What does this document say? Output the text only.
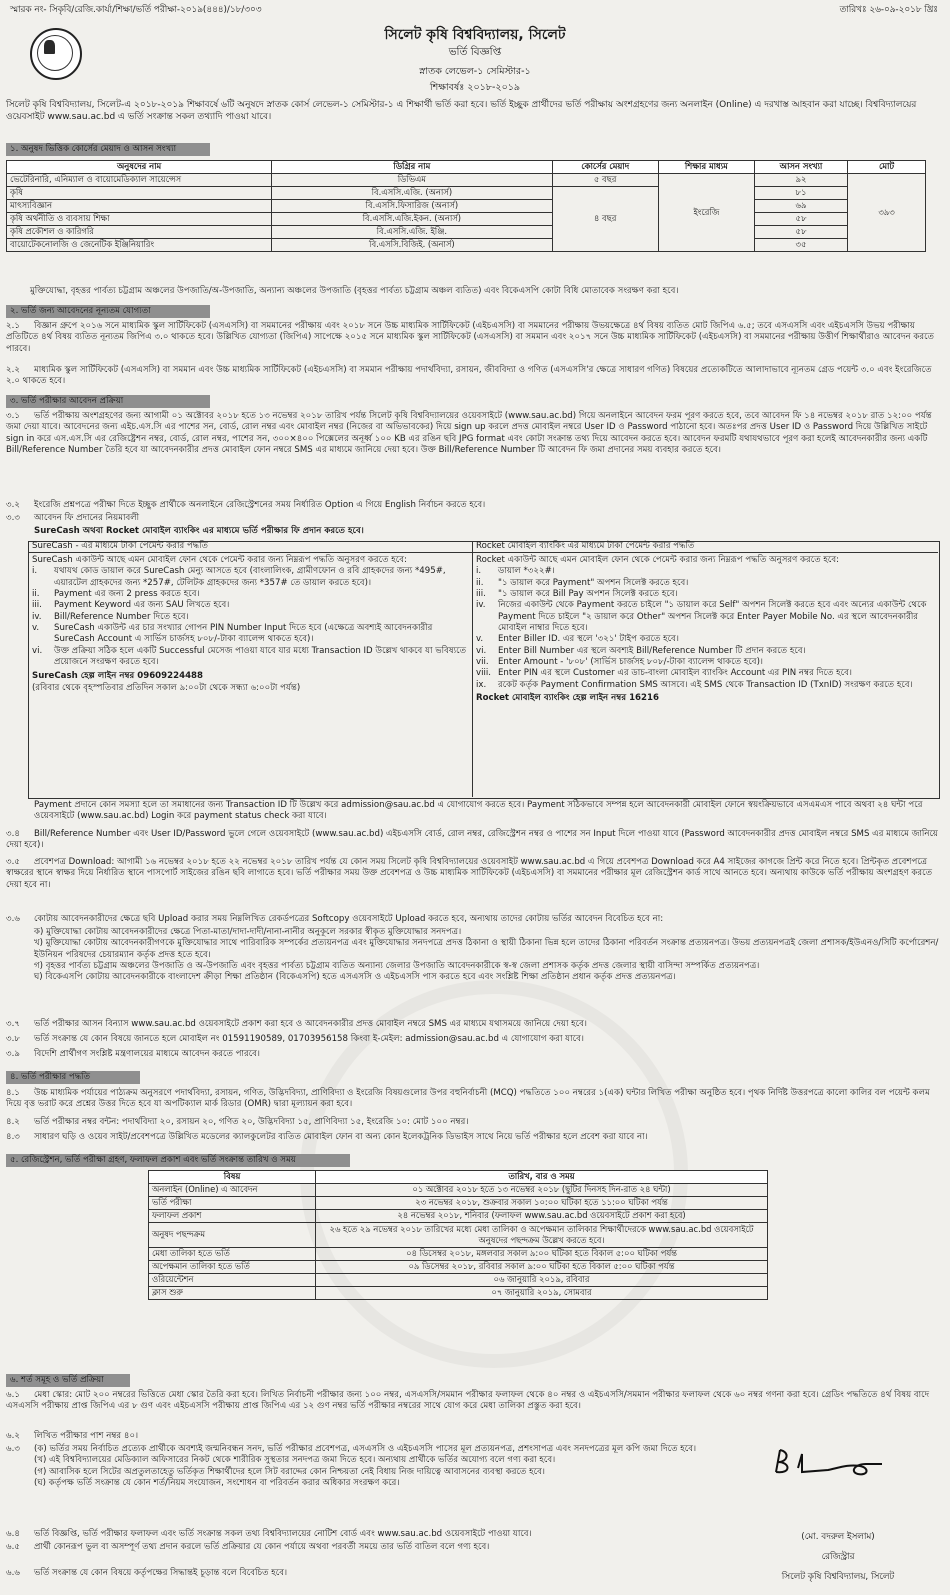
স্মারক নং- সিকৃবি/রেজি.কার্যা/শিক্ষা/ভর্তি পরীক্ষা-২০১৯(৪৪৪)/১৮/৩০৩	তারিখঃ ২৬-০৯-২০১৮ খ্রিঃ
সিলেট কৃষি বিশ্ববিদ্যালয়, সিলেট
ভর্তি বিজ্ঞপ্তি
স্নাতক লেভেল-১ সেমিস্টার-১
শিক্ষাবর্ষঃ ২০১৮-২০১৯
সিলেট কৃষি বিশ্ববিদ্যালয়, সিলেট-এ ২০১৮-২০১৯ শিক্ষাবর্ষে ৬টি অনুষদে স্নাতক কোর্স লেভেল-১ সেমিস্টার-১ এ শিক্ষার্থী ভর্তি করা হবে। ভর্তি ইচ্ছুক প্রার্থীদের ভর্তি পরীক্ষায় অংশগ্রহণের জন্য অনলাইন (Online) এ দরখাস্ত আহবান করা যাচ্ছে। বিশ্ববিদ্যালয়ের ওয়েবসাইট www.sau.ac.bd এ ভর্তি সংক্রান্ত সকল তথ্যাদি পাওয়া যাবে।
১. অনুষদ ভিত্তিক কোর্সের মেয়াদ ও আসন সংখ্যা
অনুষদের নাম	ডিগ্রির নাম	কোর্সের মেয়াদ	শিক্ষার মাধ্যম	আসন সংখ্যা	মোট
ভেটেরিনারি, এনিম্যাল ও বায়োমেডিক্যাল সায়েন্সেস	ডিভিএম	৫ বছর	ইংরেজি	৯২	৩৯৩
কৃষি	বি.এসসি.এজি. (অনার্স)	৪ বছর		৮১	
মাৎস্যবিজ্ঞান	বি.এসসি.ফিসারিজ (অনার্স)			৬৯	
কৃষি অর্থনীতি ও ব্যবসায় শিক্ষা	বি.এসসি.এজি.ইকন. (অনার্স)			৫৮	
কৃষি প্রকৌশল ও কারিগরি	বি.এসসি.এজি. ইঞ্জি.			৫৮	
বায়োটেকনোলজি ও জেনেটিক ইঞ্জিনিয়ারিং	বি.এসসি.বিজিই. (অনার্স)			৩৫	
মুক্তিযোদ্ধা, বৃহত্তর পার্বত্য চট্টগ্রাম অঞ্চলের উপজাতি/অ-উপজাতি, অন্যান্য অঞ্চলের উপজাতি (বৃহত্তর পার্বত্য চট্টগ্রাম অঞ্চল ব্যতিত) এবং বিকেএসপি কোটা বিধি মোতাবেক সংরক্ষণ করা হবে।
২. ভর্তি জন্য আবেদনের নূন্যতম যোগ্যতা
২.১ বিজ্ঞান গ্রুপে ২০১৬ সনে মাধ্যমিক স্কুল সার্টিফিকেট (এসএসসি) বা সমমানের পরীক্ষায় এবং ২০১৮ সনে উচ্চ মাধ্যমিক সার্টিফিকেট (এইচএসসি) বা সমমানের পরীক্ষায় উভয়ক্ষেত্রে ৪র্থ বিষয় ব্যতিত মোট জিপিএ ৬.৫; তবে এসএসসি এবং এইচএসসি উভয় পরীক্ষায় প্রতিটিতে ৪র্থ বিষয় ব্যতিত নূন্যতম জিপিএ ৩.০ থাকতে হবে। উল্লিখিত যোগ্যতা (জিপিএ) সাপেক্ষে ২০১৫ সনে মাধ্যমিক স্কুল সার্টিফিকেট (এসএসসি) বা সমমান এবং ২০১৭ সনে উচ্চ মাধ্যমিক সার্টিফিকেট (এইচএসসি) বা সমমানের পরীক্ষায় উত্তীর্ণ শিক্ষার্থীরাও আবেদন করতে পারবে।
২.২ মাধ্যমিক স্কুল সার্টিফিকেট (এসএসসি) বা সমমান এবং উচ্চ মাধ্যমিক সার্টিফিকেট (এইচএসসি) বা সমমান পরীক্ষায় পদার্থবিদ্যা, রসায়ন, জীববিদ্যা ও গণিত (এসএসসি'র ক্ষেত্রে সাধারণ গণিত) বিষয়ের প্রত্যেকটিতে আলাদাভাবে ন্যূনতম গ্রেড পয়েন্ট ৩.০ এবং ইংরেজিতে ২.০ থাকতে হবে।
৩. ভর্তি পরীক্ষার আবেদন প্রক্রিয়া
৩.১ ভর্তি পরীক্ষায় অংশগ্রহণের জন্য আগামী ০১ অক্টোবর ২০১৮ হতে ১৩ নভেম্বর ২০১৮ তারিখ পর্যন্ত সিলেট কৃষি বিশ্ববিদ্যালয়ের ওয়েবসাইটে (www.sau.ac.bd) গিয়ে অনলাইনে আবেদন ফরম পূরণ করতে হবে, তবে আবেদন ফি ১৪ নভেম্বর ২০১৮ রাত ১২:০০ পর্যন্ত জমা দেয়া যাবে। আবেদনের জন্য এইচ.এস.সি এর পাশের সন, বোর্ড, রোল নম্বর এবং মোবাইল নম্বর (নিজের বা অভিভাবকের) দিয়ে sign up করলে প্রদত্ত মোবাইল নম্বরে User ID ও Password পাঠানো হবে। অতঃপর প্রদত্ত User ID ও Password দিয়ে উল্লিখিত সাইটে sign in করে এস.এস.সি এর রেজিষ্ট্রেশন নম্বর, বোর্ড, রোল নম্বর, পাশের সন, ৩০০×৪০০ পিক্সেলের অনূর্ধ্ব ১০০ KB এর রঙিন ছবি JPG format এবং কোটা সংক্রান্ত তথ্য দিয়ে আবেদন করতে হবে। আবেদন ফরমটি যথাযথভাবে পূরণ করা হলেই আবেদনকারীর জন্য একটি Bill/Reference Number তৈরি হবে যা আবেদনকারীর প্রদত্ত মোবাইল ফোন নম্বরে SMS এর মাধ্যমে জানিয়ে দেয়া হবে। উক্ত Bill/Reference Number টি আবেদন ফি জমা প্রদানের সময় ব্যবহার করতে হবে।
৩.২ ইংরেজি প্রশ্নপত্রে পরীক্ষা দিতে ইচ্ছুক প্রার্থীকে অনলাইনে রেজিস্ট্রেশনের সময় নির্ধারিত Option এ গিয়ে English নির্বাচন করতে হবে।
৩.৩ আবেদন ফি প্রদানের নিয়মাবলী
SureCash অথবা Rocket মোবাইল ব্যাংকিং এর মাধ্যমে ভর্তি পরীক্ষার ফি প্রদান করতে হবে।
SureCash - এর মাধ্যমে টাকা পেমেন্ট করার পদ্ধতি
SureCash একাউন্ট আছে এমন মোবাইল ফোন থেকে পেমেন্ট করার জন্য নিম্নরূপ পদ্ধতি অনুসরণ করতে হবে:
i.	যথাযথ কোড ডায়াল করে SureCash মেন্যু আসতে হবে (বাংলালিংক, গ্রামীণফোন ও রবি গ্রাহকদের জন্য *495#, এয়ারটেল গ্রাহকদের জন্য *257#, টেলিটক গ্রাহকদের জন্য *357# তে ডায়াল করতে হবে)।
ii.	Payment এর জন্য 2 press করতে হবে।
iii.	Payment Keyword এর জন্য SAU লিখতে হবে।
iv.	Bill/Reference Number দিতে হবে।
v.	SureCash একাউন্ট এর চার সংখ্যার গোপন PIN Number Input দিতে হবে (এক্ষেত্রে অবশ্যই আবেদনকারীর SureCash Account এ সার্ভিস চার্জসহ ৮০৮/-টাকা ব্যালেন্স থাকতে হবে)।
vi.	উক্ত প্রক্রিয়া সঠিক হলে একটি Successful মেসেজ পাওয়া যাবে যার মধ্যে Transaction ID উল্লেখ থাকবে যা ভবিষ্যতে প্রয়োজনে সংরক্ষণ করতে হবে।
SureCash হেল্প লাইন নম্বর 09609224488
(রবিবার থেকে বৃহস্পতিবার প্রতিদিন সকাল ৯:০০টা থেকে সন্ধ্যা ৬:০০টা পর্যন্ত)
Rocket মোবাইল ব্যাংকিং এর মাধ্যমে টাকা পেমেন্ট করার পদ্ধতি
Rocket একাউন্ট আছে এমন মোবাইল ফোন থেকে পেমেন্ট করার জন্য নিম্নরূপ পদ্ধতি অনুসরণ করতে হবে:
i.	ডায়াল *৩২২#।
ii.	"১ ডায়াল করে Payment" অপশন সিলেক্ট করতে হবে।
iii.	"১ ডায়াল করে Bill Pay অপশন সিলেক্ট করতে হবে।
iv.	নিজের একাউন্ট থেকে Payment করতে চাইলে "১ ডায়াল করে Self" অপশন সিলেক্ট করতে হবে এবং অন্যের একাউন্ট থেকে Payment দিতে চাইলে "২ ডায়াল করে Other" অপশন সিলেক্ট করে Enter Payer Mobile No. এর স্থলে আবেদনকারীর মোবাইল নাম্বার দিতে হবে।
v.	Enter Biller ID. এর স্থলে '৩২১' টাইপ করতে হবে।
vi.	Enter Bill Number এর স্থলে অবশ্যই Bill/Reference Number টি প্রদান করতে হবে।
vii.	Enter Amount - '৮০৮' (সার্ভিস চার্জসহ ৮০৮/-টাকা ব্যালেন্স থাকতে হবে)।
viii. Enter PIN এর স্থলে Customer এর ডাচ-বাংলা মোবাইল ব্যাংকিং Account এর PIN নম্বর দিতে হবে।
ix.	রকেট কর্তৃক Payment Confirmation SMS আসবে। এই SMS থেকে Transaction ID (TxnID) সংরক্ষণ করতে হবে।
Rocket মোবাইল ব্যাংকিং হেল্প লাইন নম্বর 16216
Payment প্রদানে কোন সমস্যা হলে তা সমাধানের জন্য Transaction ID টি উল্লেখ করে admission@sau.ac.bd এ যোগাযোগ করতে হবে। Payment সঠিকভাবে সম্পন্ন হলে আবেদনকারী মোবাইল ফোনে স্বয়ংক্রিয়ভাবে এসএমএস পাবে অথবা ২৪ ঘন্টা পরে ওয়েবসাইটে (www.sau.ac.bd) Login করে payment status check করা যাবে।
৩.৪ Bill/Reference Number এবং User ID/Password ভুলে গেলে ওয়েবসাইটে (www.sau.ac.bd) এইচএসসি বোর্ড, রোল নম্বর, রেজিস্ট্রেশন নম্বর ও পাশের সন Input দিলে পাওয়া যাবে (Password আবেদনকারীর প্রদত্ত মোবাইল নম্বরে SMS এর মাধ্যমে জানিয়ে দেয়া হবে)।
৩.৫ প্রবেশপত্র Download: আগামী ১৬ নভেম্বর ২০১৮ হতে ২২ নভেম্বর ২০১৮ তারিখ পর্যন্ত যে কোন সময় সিলেট কৃষি বিশ্ববিদ্যালয়ের ওয়েবসাইট www.sau.ac.bd এ গিয়ে প্রবেশপত্র Download করে A4 সাইজের কাগজে প্রিন্ট করে নিতে হবে। প্রিন্টকৃত প্রবেশপত্রে স্বাক্ষরের স্থানে স্বাক্ষর দিয়ে নির্ধারিত স্থানে পাসপোর্ট সাইজের রঙিন ছবি লাগাতে হবে। ভর্তি পরীক্ষার সময় উক্ত প্রবেশপত্র ও উচ্চ মাধ্যমিক সার্টিফিকেট (এইচএসসি) বা সমমানের পরীক্ষার মূল রেজিস্ট্রেশন কার্ড সাথে আনতে হবে। অন্যথায় কাউকে ভর্তি পরীক্ষায় অংশগ্রহণ করতে দেয়া হবে না।
৩.৬ কোটায় আবেদনকারীদের ক্ষেত্রে ছবি Upload করার সময় নিম্নলিখিত রেকর্ডপত্রের Softcopy ওয়েবসাইটে Upload করতে হবে, অন্যথায় তাদের কোটায় ভর্তির আবেদন বিবেচিত হবে না:
ক) মুক্তিযোদ্ধা কোটায় আবেদনকারীদের ক্ষেত্রে পিতা-মাতা/দাদা-দাদী/নানা-নানীর অনুকূলে সরকার স্বীকৃত মুক্তিযোদ্ধার সনদপত্র।
খ) মুক্তিযোদ্ধা কোটায় আবেদনকারীগণকে মুক্তিযোদ্ধার সাথে পারিবারিক সম্পর্কের প্রত্যয়নপত্র এবং মুক্তিযোদ্ধার সনদপত্রে প্রদত্ত ঠিকানা ও স্থায়ী ঠিকানা ভিন্ন হলে তাদের ঠিকানা পরিবর্তন সংক্রান্ত প্রত্যয়নপত্র। উভয় প্রত্যয়নপত্রই জেলা প্রশাসক/ইউএনও/সিটি কর্পোরেশন/ইউনিয়ন পরিষদের চেয়ারম্যান কর্তৃক প্রদত্ত হতে হবে।
গ) বৃহত্তর পার্বত্য চট্টগ্রাম অঞ্চলের উপজাতি ও অ-উপজাতি এবং বৃহত্তর পার্বত্য চট্টগ্রাম ব্যতিত অন্যান্য জেলার উপজাতি আবেদনকারীকে স্ব-স্ব জেলা প্রশাসক কর্তৃক প্রদত্ত জেলার স্থায়ী বাসিন্দা সম্পর্কিত প্রত্যয়নপত্র।
ঘ) বিকেএসপি কোটায় আবেদনকারীকে বাংলাদেশ ক্রীড়া শিক্ষা প্রতিষ্ঠান (বিকেএসপি) হতে এসএসসি ও এইচএসসি পাস করতে হবে এবং সংশ্লিষ্ট শিক্ষা প্রতিষ্ঠান প্রধান কর্তৃক প্রদত্ত প্রত্যয়নপত্র।
৩.৭ ভর্তি পরীক্ষার আসন বিন্যাস www.sau.ac.bd ওয়েবসাইটে প্রকাশ করা হবে ও আবেদনকারীর প্রদত্ত মোবাইল নম্বরে SMS এর মাধ্যমে যথাসময়ে জানিয়ে দেয়া হবে।
৩.৮ ভর্তি সংক্রান্ত যে কোন বিষয়ে জানতে হলে মোবাইল নং 01591190589, 01703956158 কিংবা ই-মেইল: admission@sau.ac.bd এ যোগাযোগ করা যাবে।
৩.৯ বিদেশি প্রার্থীগণ সংশ্লিষ্ট মন্ত্রণালয়ের মাধ্যমে আবেদন করতে পারবে।
৪. ভর্তি পরীক্ষার পদ্ধতি
৪.১ উচ্চ মাধ্যমিক পর্যায়ের পাঠ্যক্রম অনুসরণে পদার্থবিদ্যা, রসায়ন, গণিত, উদ্ভিদবিদ্যা, প্রাণিবিদ্যা ও ইংরেজি বিষয়গুলোর উপর বহুনির্বাচনী (MCQ) পদ্ধতিতে ১০০ নম্বরের ১(এক) ঘন্টার লিখিত পরীক্ষা অনুষ্ঠিত হবে। পৃথক নির্দিষ্ট উত্তরপত্রে কালো কালির বল পয়েন্ট কলম দিয়ে বৃত্ত ভরাট করে প্রশ্নের উত্তর দিতে হবে যা অপটিক্যাল মার্ক রিডার (OMR) দ্বারা মূল্যায়ন করা হবে।
৪.২ ভর্তি পরীক্ষার নম্বর বন্টন: পদার্থবিদ্যা ২০, রসায়ন ২০, গণিত ২০, উদ্ভিদবিদ্যা ১৫, প্রাণিবিদ্যা ১৫, ইংরেজি ১০: মোট ১০০ নম্বর।
৪.৩ সাধারণ ঘড়ি ও ওয়েব সাইট/প্রবেশপত্রে উল্লিখিত মডেলের ক্যালকুলেটর ব্যতিত মোবাইল ফোন বা অন্য কোন ইলেকট্রনিক ডিভাইস সাথে নিয়ে ভর্তি পরীক্ষার হলে প্রবেশ করা যাবে না।
৫. রেজিস্ট্রেশন, ভর্তি পরীক্ষা গ্রহণ, ফলাফল প্রকাশ এবং ভর্তি সংক্রান্ত তারিখ ও সময়
বিষয়	তারিখ, বার ও সময়
অনলাইন (Online) এ আবেদন	০১ অক্টোবর ২০১৮ হতে ১৩ নভেম্বর ২০১৮ (ছুটির দিনসহ দিন-রাত ২৪ ঘন্টা)
ভর্তি পরীক্ষা	২৩ নভেম্বর ২০১৮, শুক্রবার সকাল ১০:০০ ঘটিকা হতে ১১:০০ ঘটিকা পর্যন্ত
ফলাফল প্রকাশ	২৪ নভেম্বর ২০১৮, শনিবার (ফলাফল www.sau.ac.bd ওয়েবসাইটে প্রকাশ করা হবে)
অনুষদ পছন্দক্রম	২৬ হতে ২৯ নভেম্বর ২০১৮ তারিখের মধ্যে মেধা তালিকা ও অপেক্ষমান তালিকার শিক্ষার্থীদেরকে www.sau.ac.bd ওয়েবসাইটে অনুষদের পছন্দক্রম উল্লেখ করতে হবে।
মেধা তালিকা হতে ভর্তি	০৪ ডিসেম্বর ২০১৮, মঙ্গলবার সকাল ৯:০০ ঘটিকা হতে বিকাল ৫:০০ ঘটিকা পর্যন্ত
অপেক্ষমান তালিকা হতে ভর্তি	০৯ ডিসেম্বর ২০১৮, রবিবার সকাল ৯:০০ ঘটিকা হতে বিকাল ৫:০০ ঘটিকা পর্যন্ত
ওরিয়েন্টেশন	০৬ জানুয়ারি ২০১৯, রবিবার
ক্লাস শুরু	০৭ জানুয়ারি ২০১৯, সোমবার
৬. শর্ত সমূহ ও ভর্তি প্রক্রিয়া
৬.১ মেধা স্কোর: মোট ২০০ নম্বরের ভিত্তিতে মেধা স্কোর তৈরি করা হবে। লিখিত নির্বাচনী পরীক্ষার জন্য ১০০ নম্বর, এসএসসি/সমমান পরীক্ষার ফলাফল থেকে ৪০ নম্বর ও এইচএসসি/সমমান পরীক্ষার ফলাফল থেকে ৬০ নম্বর গণনা করা হবে। গ্রেডিং পদ্ধতিতে ৪র্থ বিষয় বাদে এসএসসি পরীক্ষায় প্রাপ্ত জিপিএ এর ৮ গুণ এবং এইচএসসি পরীক্ষায় প্রাপ্ত জিপিএ এর ১২ গুণ নম্বর ভর্তি পরীক্ষার নম্বরের সাথে যোগ করে মেধা তালিকা প্রস্তুত করা হবে।
৬.২ লিখিত পরীক্ষার পাশ নম্বর ৪০।
৬.৩ (ক) ভর্তির সময় নির্বাচিত প্রত্যেক প্রার্থীকে অবশ্যই জন্মনিবন্ধন সনদ, ভর্তি পরীক্ষার প্রবেশপত্র, এসএসসি ও এইচএসসি পাসের মূল প্রত্যয়নপত্র, প্রশংসাপত্র এবং সনদপত্রের মূল কপি জমা দিতে হবে।
(খ) এই বিশ্ববিদ্যালয়ের মেডিক্যাল অফিসারের নিকট থেকে শারীরিক সুস্থতার সনদপত্র জমা দিতে হবে। অন্যথায় প্রার্থীকে ভর্তির অযোগ্য বলে গণ্য করা হবে।
(গ) আবাসিক হলে সিটের অপ্রতুলতাহেতু ভর্তিকৃত শিক্ষার্থীদের হলে সিট বরাদ্দের কোন নিশ্চয়তা নেই বিধায় নিজ দায়িত্বে আবাসনের ব্যবস্থা করতে হবে।
(ঘ) কর্তৃপক্ষ ভর্তি সংক্রান্ত যে কোন শর্ত/নিয়ম সংযোজন, সংশোধন বা পরিবর্তন করার অধিকার সংরক্ষণ করে।
৬.৪ ভর্তি বিজ্ঞপ্তি, ভর্তি পরীক্ষার ফলাফল এবং ভর্তি সংক্রান্ত সকল তথ্য বিশ্ববিদ্যালয়ের নোটিশ বোর্ড এবং www.sau.ac.bd ওয়েবসাইটে পাওয়া যাবে।
৬.৫ প্রার্থী কোনরূপ ভুল বা অসম্পূর্ণ তথ্য প্রদান করলে ভর্তি প্রক্রিয়ার যে কোন পর্যায়ে অথবা পরবর্তী সময়ে তার ভর্তি বাতিল বলে গণ্য হবে।
৬.৬ ভর্তি সংক্রান্ত যে কোন বিষয়ে কর্তৃপক্ষের সিদ্ধান্তই চূড়ান্ত বলে বিবেচিত হবে।
(মো. বদরুল ইসলাম)
রেজিস্ট্রার
সিলেট কৃষি বিশ্ববিদ্যালয়, সিলেট
